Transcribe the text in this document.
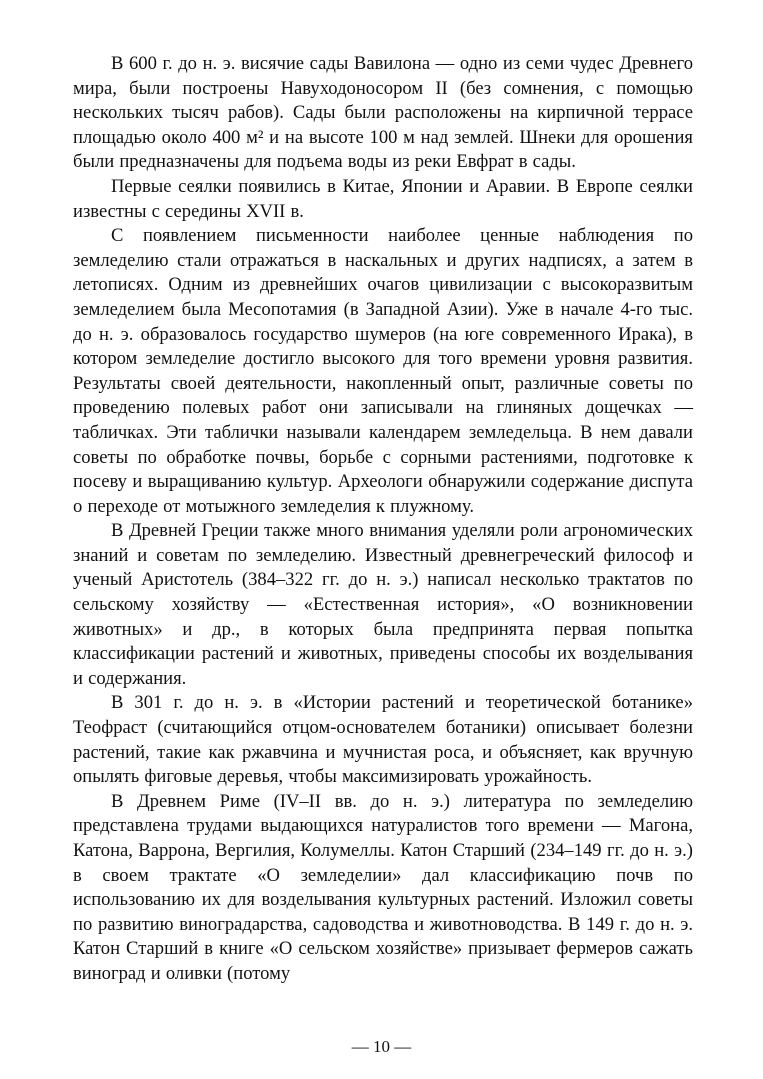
В 600 г. до н. э. висячие сады Вавилона — одно из семи чудес Древнего мира, были построены Навуходоносором II (без сомнения, с помощью нескольких тысяч рабов). Сады были расположены на кирпичной террасе площадью около 400 м² и на высоте 100 м над землей. Шнеки для орошения были предназначены для подъема воды из реки Евфрат в сады.

Первые сеялки появились в Китае, Японии и Аравии. В Европе сеялки известны с середины XVII в.

С появлением письменности наиболее ценные наблюдения по земледелию стали отражаться в наскальных и других надписях, а затем в летописях. Одним из древнейших очагов цивилизации с высокоразвитым земледелием была Месопотамия (в Западной Азии). Уже в начале 4-го тыс. до н. э. образовалось государство шумеров (на юге современного Ирака), в котором земледелие достигло высокого для того времени уровня развития. Результаты своей деятельности, накопленный опыт, различные советы по проведению полевых работ они записывали на глиняных дощечках — табличках. Эти таблички называли календарем земледельца. В нем давали советы по обработке почвы, борьбе с сорными растениями, подготовке к посеву и выращиванию культур. Археологи обнаружили содержание диспута о переходе от мотыжного земледелия к плужному.

В Древней Греции также много внимания уделяли роли агрономических знаний и советам по земледелию. Известный древнегреческий философ и ученый Аристотель (384–322 гг. до н. э.) написал несколько трактатов по сельскому хозяйству — «Естественная история», «О возникновении животных» и др., в которых была предпринята первая попытка классификации растений и животных, приведены способы их возделывания и содержания.

В 301 г. до н. э. в «Истории растений и теоретической ботанике» Теофраст (считающийся отцом-основателем ботаники) описывает болезни растений, такие как ржавчина и мучнистая роса, и объясняет, как вручную опылять фиговые деревья, чтобы максимизировать урожайность.

В Древнем Риме (IV–II вв. до н. э.) литература по земледелию представлена трудами выдающихся натуралистов того времени — Магона, Катона, Варрона, Вергилия, Колумеллы. Катон Старший (234–149 гг. до н. э.) в своем трактате «О земледелии» дал классификацию почв по использованию их для возделывания культурных растений. Изложил советы по развитию виноградарства, садоводства и животноводства. В 149 г. до н. э. Катон Старший в книге «О сельском хозяйстве» призывает фермеров сажать виноград и оливки (потому

— 10 —
